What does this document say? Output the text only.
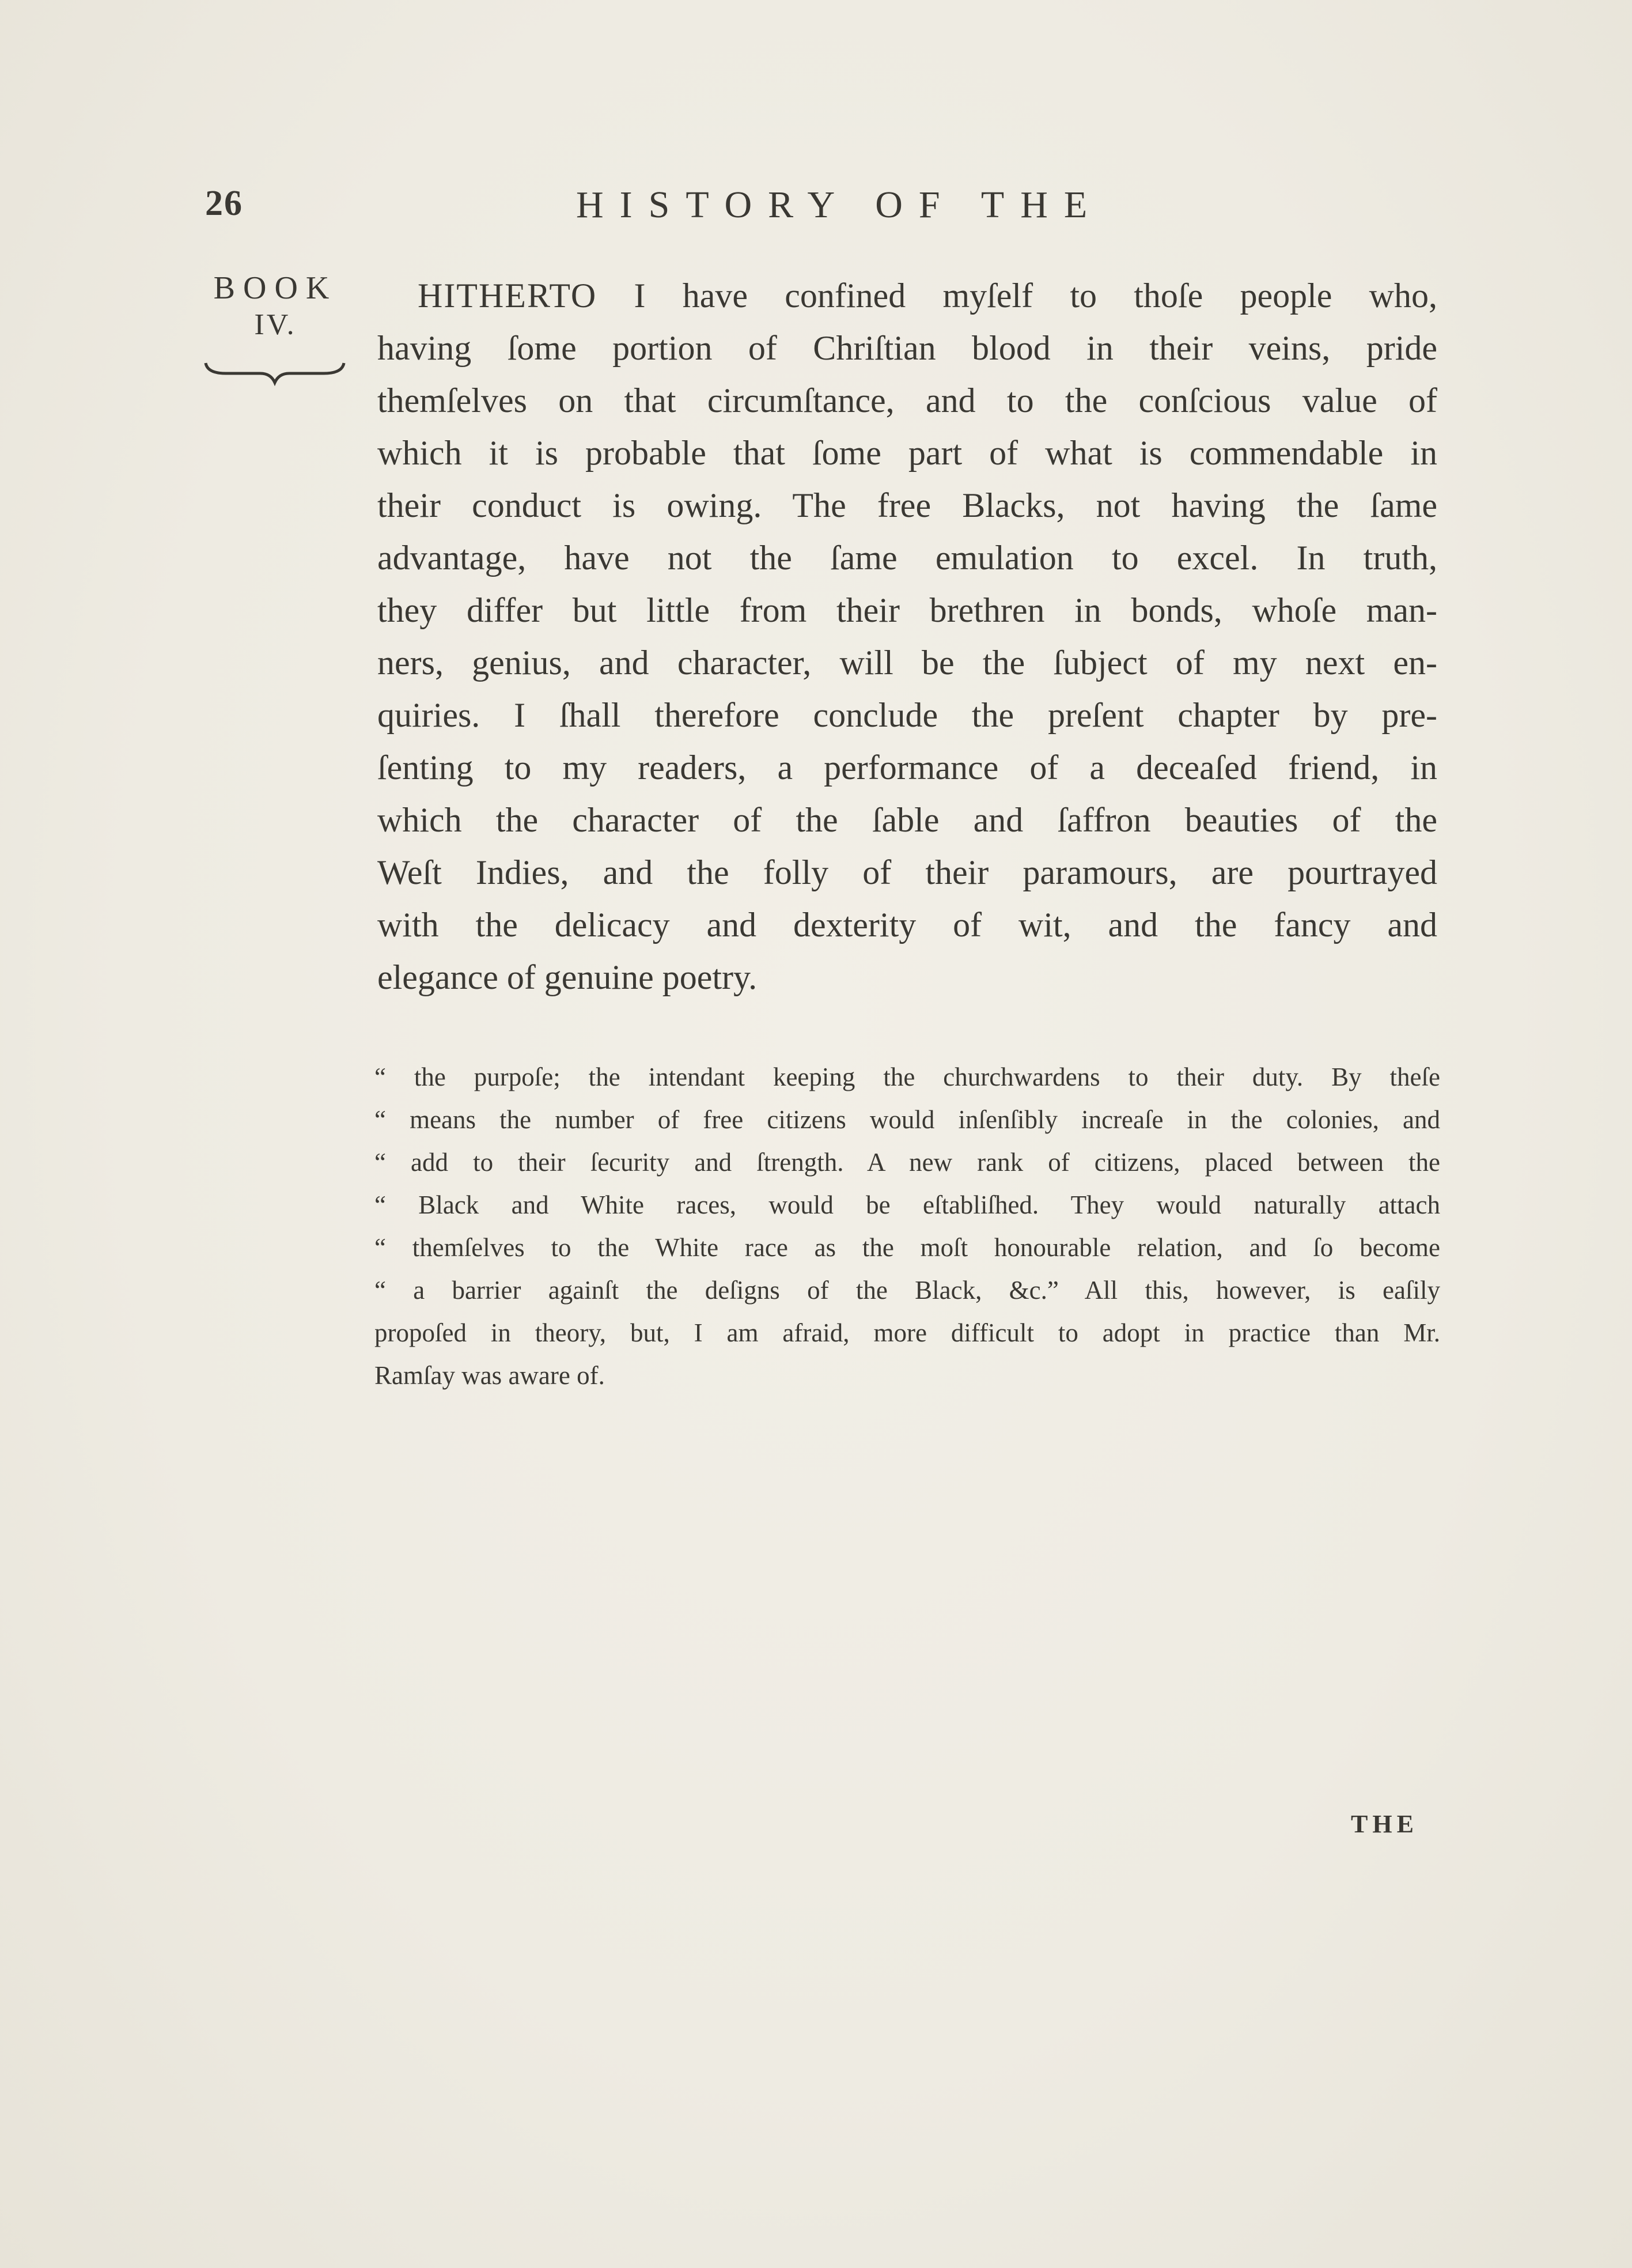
26	HISTORY OF THE
BOOK
IV.
HITHERTO I have confined myſelf to thoſe people who,
having ſome portion of Chriſtian blood in their veins, pride
themſelves on that circumſtance, and to the conſcious value of
which it is probable that ſome part of what is commendable in
their conduct is owing. The free Blacks, not having the ſame
advantage, have not the ſame emulation to excel. In truth,
they differ but little from their brethren in bonds, whoſe man-
ners, genius, and character, will be the ſubject of my next en-
quiries. I ſhall therefore conclude the preſent chapter by pre-
ſenting to my readers, a performance of a deceaſed friend, in
which the character of the ſable and ſaffron beauties of the
Weſt Indies, and the folly of their paramours, are pourtrayed
with the delicacy and dexterity of wit, and the fancy and
elegance of genuine poetry.
“ the purpoſe; the intendant keeping the churchwardens to their duty. By theſe
“ means the number of free citizens would inſenſibly increaſe in the colonies, and
“ add to their ſecurity and ſtrength. A new rank of citizens, placed between the
“ Black and White races, would be eſtabliſhed. They would naturally attach
“ themſelves to the White race as the moſt honourable relation, and ſo become
“ a barrier againſt the deſigns of the Black, &c.” All this, however, is eaſily
propoſed in theory, but, I am afraid, more difficult to adopt in practice than Mr.
Ramſay was aware of.
THE
